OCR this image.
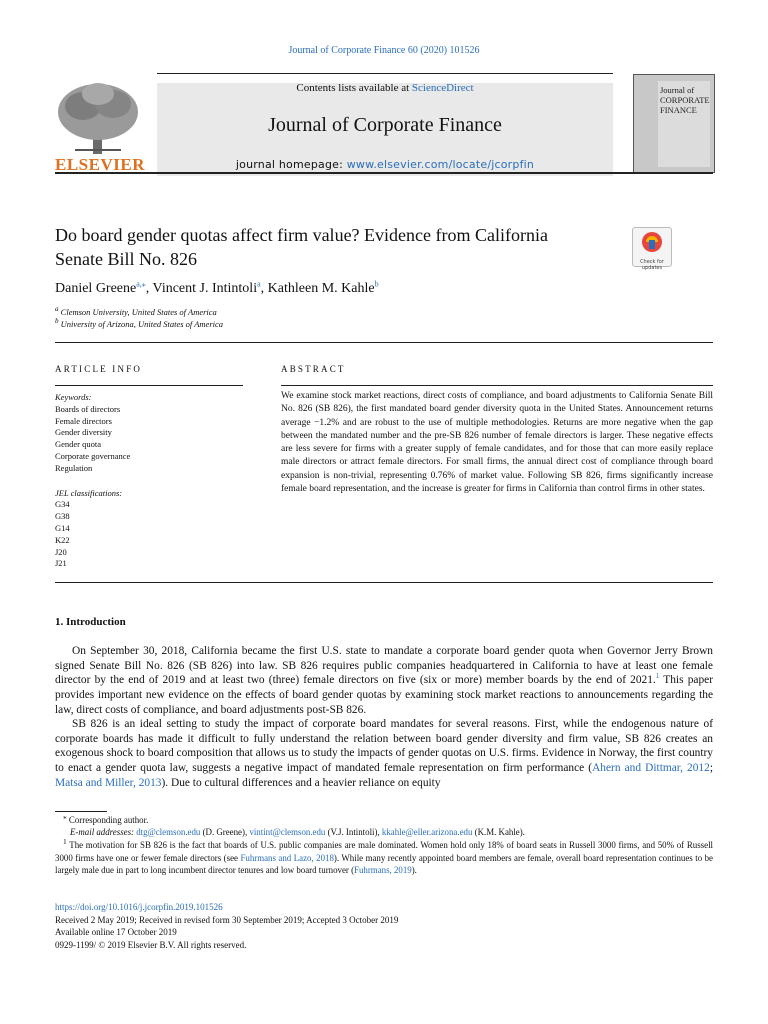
Journal of Corporate Finance 60 (2020) 101526
ELSEVIER
Contents lists available at ScienceDirect
Journal of Corporate Finance
journal homepage: www.elsevier.com/locate/jcorpfin
Journal of
CORPORATE
FINANCE
Do board gender quotas affect firm value? Evidence from California
Senate Bill No. 826	Check for updates
Daniel Greene$^{a,⁎}$, Vincent J. Intintoli$^a$, Kathleen M. Kahle$^b$
$^a$ Clemson University, United States of America
$^b$ University of Arizona, United States of America
ARTICLE INFO
Keywords:
Boards of directors
Female directors
Gender diversity
Gender quota
Corporate governance
Regulation
JEL classifications:
G34
G38
G14
K22
J20
J21
ABSTRACT
We examine stock market reactions, direct costs of compliance, and board adjustments to California Senate Bill No. 826 (SB 826), the first mandated board gender diversity quota in the United States. Announcement returns average −1.2% and are robust to the use of multiple methodologies. Returns are more negative when the gap between the mandated number and the pre-SB 826 number of female directors is larger. These negative effects are less severe for firms with a greater supply of female candidates, and for those that can more easily replace male directors or attract female directors. For small firms, the annual direct cost of compliance through board expansion is non-trivial, representing 0.76% of market value. Following SB 826, firms significantly increase female board representation, and the increase is greater for firms in California than control firms in other states.
1. Introduction
On September 30, 2018, California became the first U.S. state to mandate a corporate board gender quota when Governor Jerry Brown signed Senate Bill No. 826 (SB 826) into law. SB 826 requires public companies headquartered in California to have at least one female director by the end of 2019 and at least two (three) female directors on five (six or more) member boards by the end of 2021.$^1$ This paper provides important new evidence on the effects of board gender quotas by examining stock market reactions to announcements regarding the law, direct costs of compliance, and board adjustments post-SB 826.
SB 826 is an ideal setting to study the impact of corporate board mandates for several reasons. First, while the endogenous nature of corporate boards has made it difficult to fully understand the relation between board gender diversity and firm value, SB 826 creates an exogenous shock to board composition that allows us to study the impacts of gender quotas on U.S. firms. Evidence in Norway, the first country to enact a gender quota law, suggests a negative impact of mandated female representation on firm performance (Ahern and Dittmar, 2012; Matsa and Miller, 2013). Due to cultural differences and a heavier reliance on equity
⁎ Corresponding author.
E-mail addresses: dtg@clemson.edu (D. Greene), vintint@clemson.edu (V.J. Intintoli), kkahle@eller.arizona.edu (K.M. Kahle).
$^1$ The motivation for SB 826 is the fact that boards of U.S. public companies are male dominated. Women hold only 18% of board seats in Russell 3000 firms, and 50% of Russell 3000 firms have one or fewer female directors (see Fuhrmans and Lazo, 2018). While many recently appointed board members are female, overall board representation continues to be largely male due in part to long incumbent director tenures and low board turnover (Fuhrmans, 2019).
https://doi.org/10.1016/j.jcorpfin.2019.101526
Received 2 May 2019; Received in revised form 30 September 2019; Accepted 3 October 2019
Available online 17 October 2019
0929-1199/ © 2019 Elsevier B.V. All rights reserved.
